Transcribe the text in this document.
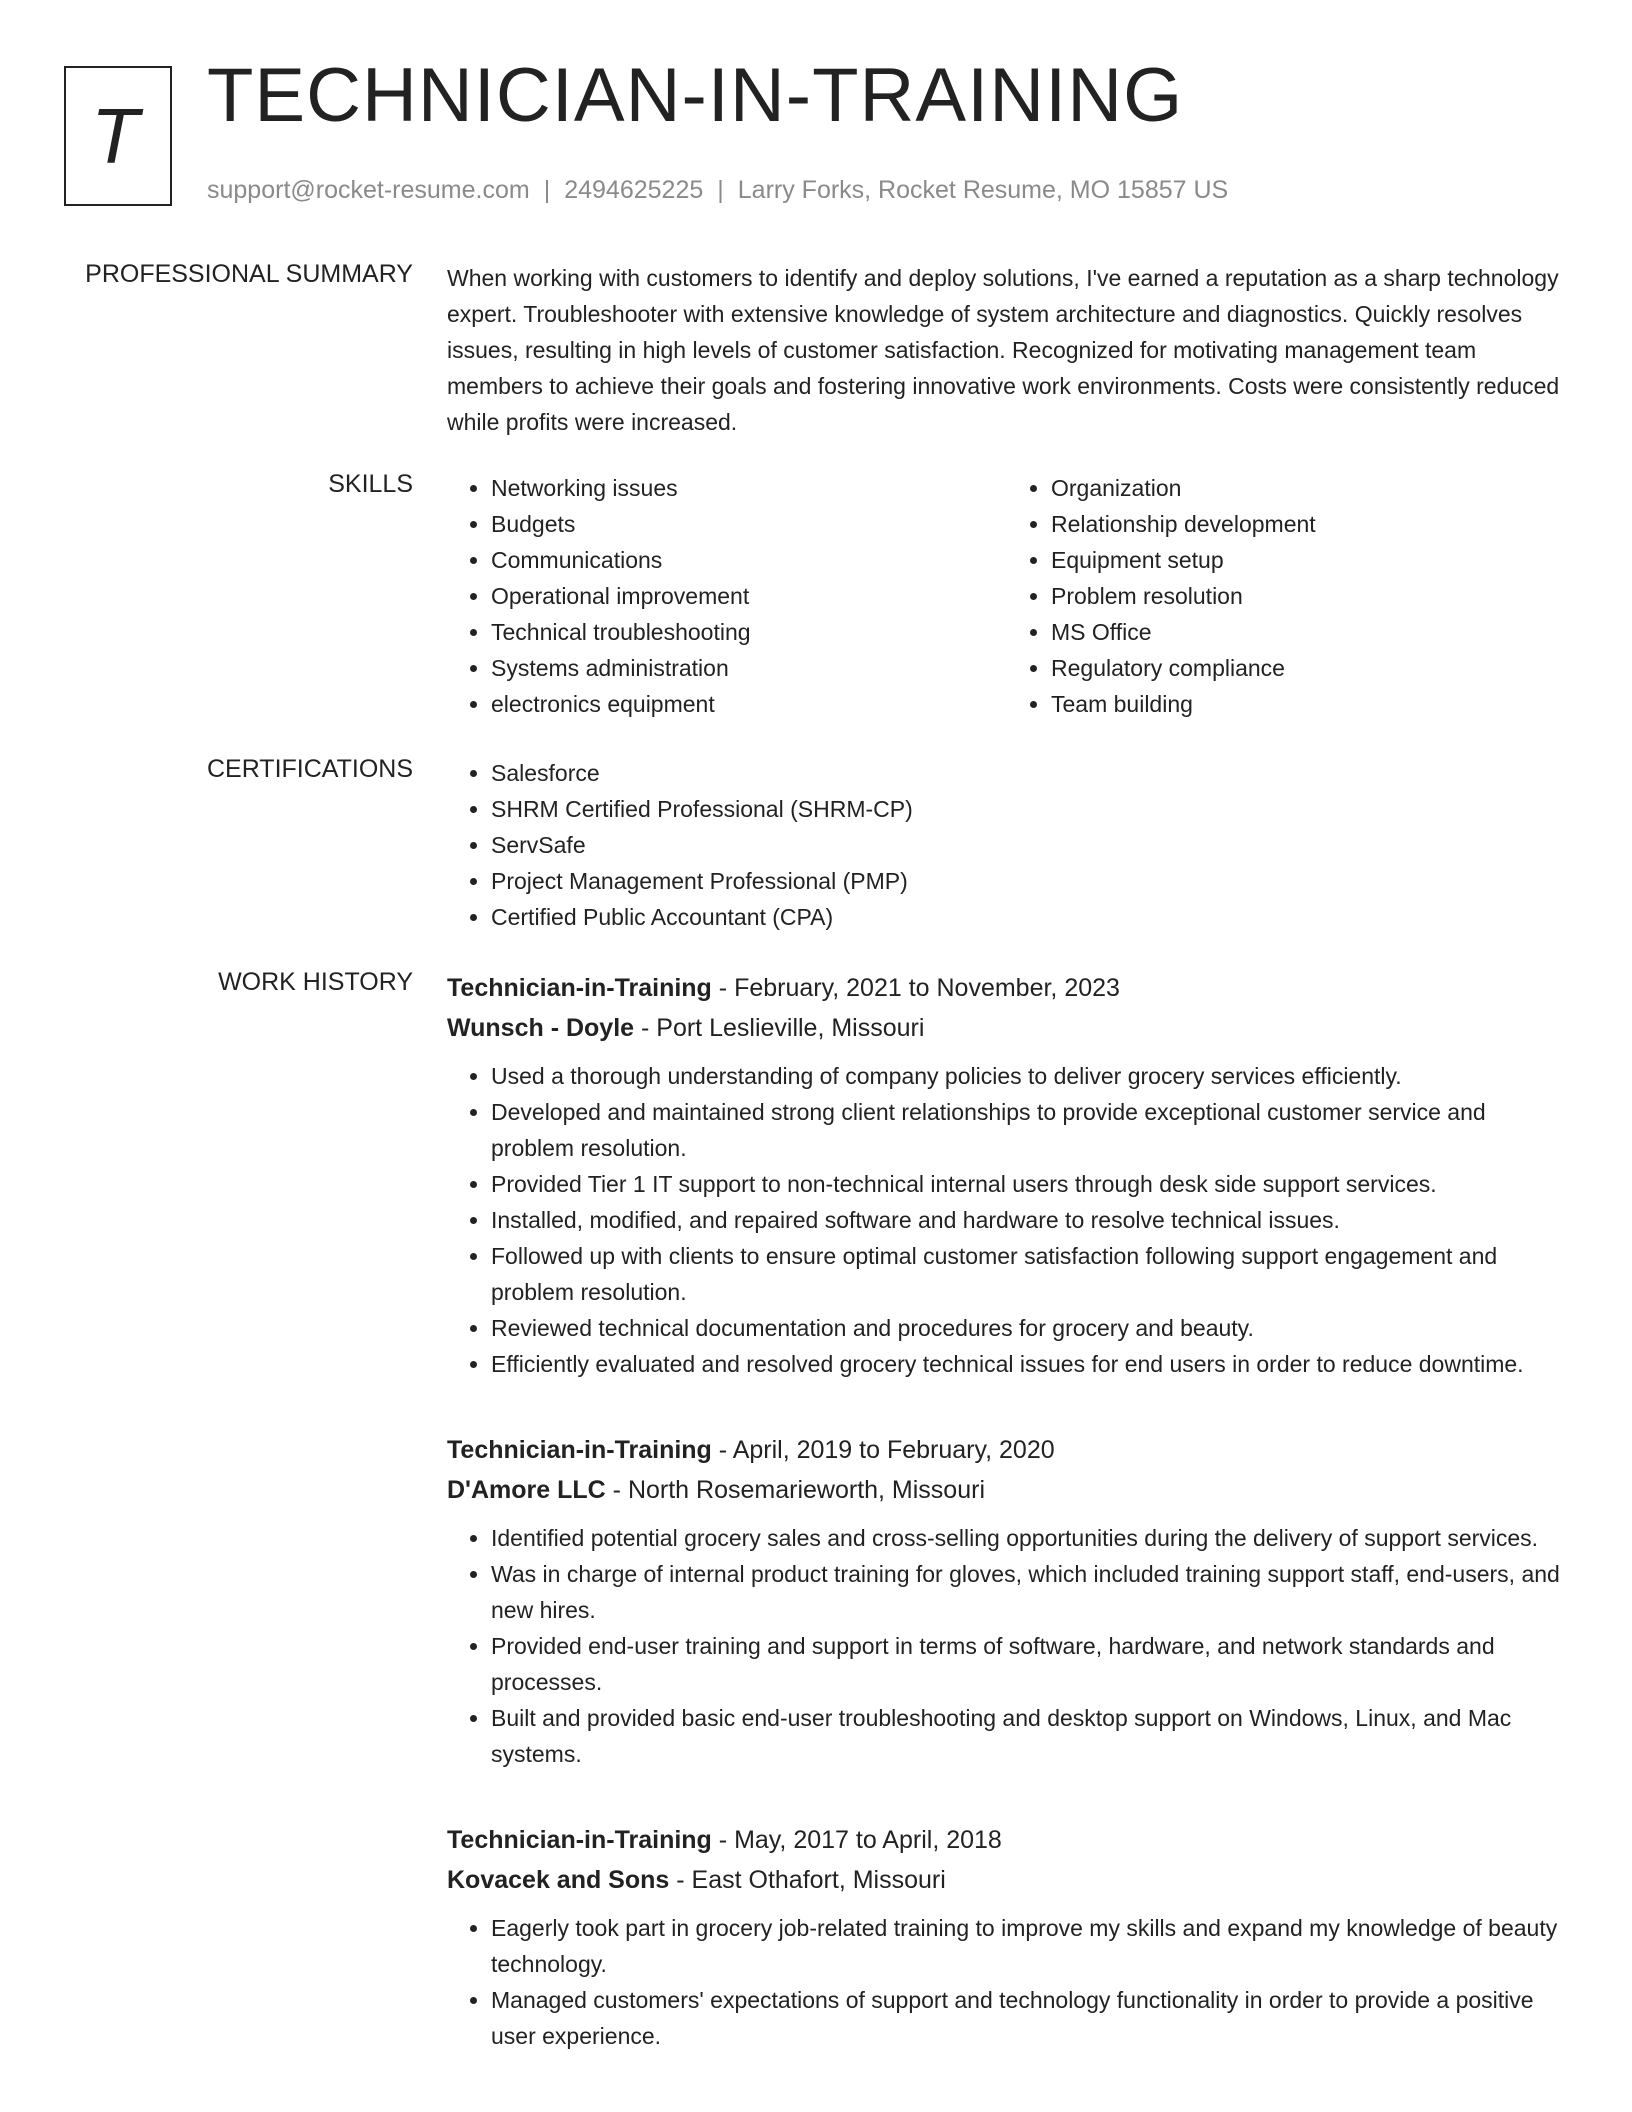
T TECHNICIAN-IN-TRAINING
support@rocket-resume.com | 2494625225 | Larry Forks, Rocket Resume, MO 15857 US
PROFESSIONAL SUMMARY When working with customers to identify and deploy solutions, I've earned a reputation as a sharp technology expert. Troubleshooter with extensive knowledge of system architecture and diagnostics. Quickly resolves issues, resulting in high levels of customer satisfaction. Recognized for motivating management team members to achieve their goals and fostering innovative work environments. Costs were consistently reduced while profits were increased.
SKILLS	• Networking issues
• Budgets
• Communications
• Operational improvement
• Technical troubleshooting
• Systems administration
• electronics equipment
• Organization
• Relationship development
• Equipment setup
• Problem resolution
• MS Office
• Regulatory compliance
• Team building
CERTIFICATIONS	• Salesforce
• SHRM Certified Professional (SHRM-CP)
• ServSafe
• Project Management Professional (PMP)
• Certified Public Accountant (CPA)
WORK HISTORY Technician-in-Training - February, 2021 to November, 2023
Wunsch - Doyle - Port Leslieville, Missouri
• Used a thorough understanding of company policies to deliver grocery services efficiently.
• Developed and maintained strong client relationships to provide exceptional customer service and problem resolution.
• Provided Tier 1 IT support to non-technical internal users through desk side support services.
• Installed, modified, and repaired software and hardware to resolve technical issues.
• Followed up with clients to ensure optimal customer satisfaction following support engagement and problem resolution.
• Reviewed technical documentation and procedures for grocery and beauty.
• Efficiently evaluated and resolved grocery technical issues for end users in order to reduce downtime.
Technician-in-Training - April, 2019 to February, 2020
D'Amore LLC - North Rosemarieworth, Missouri
• Identified potential grocery sales and cross-selling opportunities during the delivery of support services.
• Was in charge of internal product training for gloves, which included training support staff, end-users, and new hires.
• Provided end-user training and support in terms of software, hardware, and network standards and processes.
• Built and provided basic end-user troubleshooting and desktop support on Windows, Linux, and Mac systems.
Technician-in-Training - May, 2017 to April, 2018
Kovacek and Sons - East Othafort, Missouri
• Eagerly took part in grocery job-related training to improve my skills and expand my knowledge of beauty technology.
• Managed customers' expectations of support and technology functionality in order to provide a positive user experience.
